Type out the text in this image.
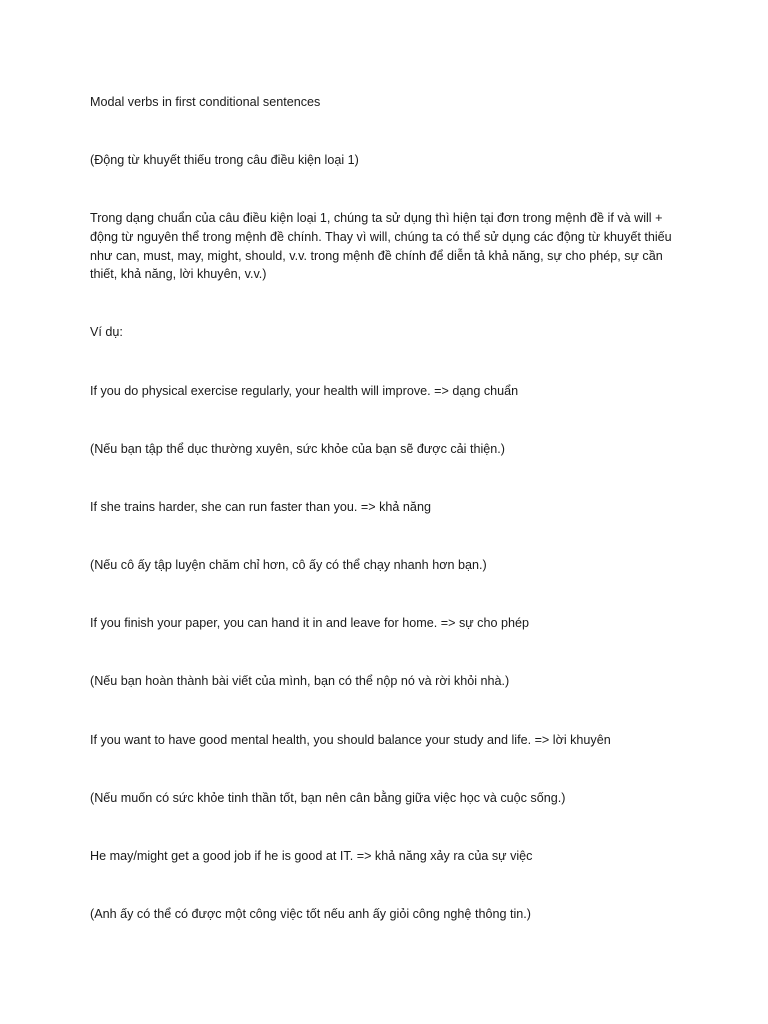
Modal verbs in first conditional sentences

(Động từ khuyết thiếu trong câu điều kiện loại 1)

Trong dạng chuẩn của câu điều kiện loại 1, chúng ta sử dụng thì hiện tại đơn trong mệnh đề if và will + động từ nguyên thể trong mệnh đề chính. Thay vì will, chúng ta có thể sử dụng các động từ khuyết thiếu như can, must, may, might, should, v.v. trong mệnh đề chính để diễn tả khả năng, sự cho phép, sự cần thiết, khả năng, lời khuyên, v.v.)

Ví dụ:

If you do physical exercise regularly, your health will improve. => dạng chuẩn

(Nếu bạn tập thể dục thường xuyên, sức khỏe của bạn sẽ được cải thiện.)

If she trains harder, she can run faster than you. => khả năng

(Nếu cô ấy tập luyện chăm chỉ hơn, cô ấy có thể chạy nhanh hơn bạn.)

If you finish your paper, you can hand it in and leave for home. => sự cho phép

(Nếu bạn hoàn thành bài viết của mình, bạn có thể nộp nó và rời khỏi nhà.)

If you want to have good mental health, you should balance your study and life. => lời khuyên

(Nếu muốn có sức khỏe tinh thần tốt, bạn nên cân bằng giữa việc học và cuộc sống.)

He may/might get a good job if he is good at IT. => khả năng xảy ra của sự việc

(Anh ấy có thể có được một công việc tốt nếu anh ấy giỏi công nghệ thông tin.)
